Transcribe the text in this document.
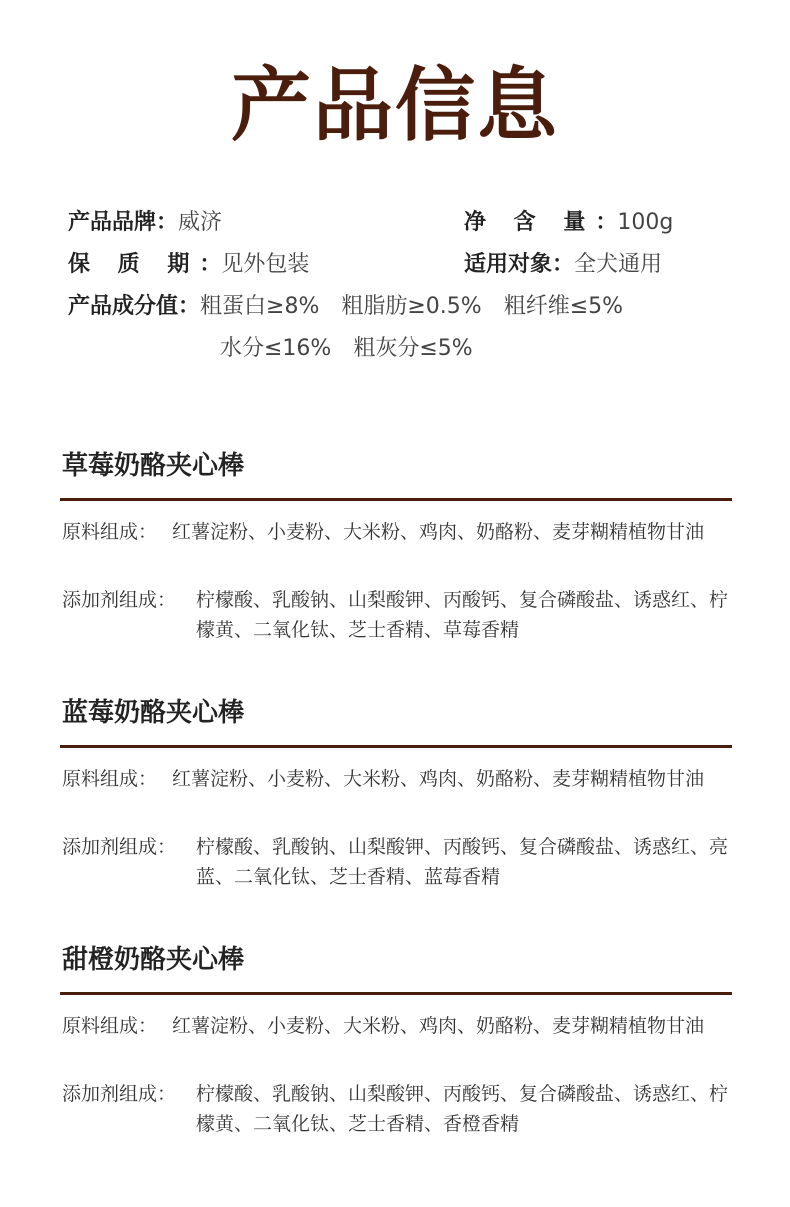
产品信息
产品品牌：威济	净 含 量：100g
保 质 期：见外包装	适用对象：全犬通用
产品成分值：粗蛋白≥8% 粗脂肪≥0.5% 粗纤维≤5%
水分≤16% 粗灰分≤5%
草莓奶酪夹心棒
原料组成： 红薯淀粉、小麦粉、大米粉、鸡肉、奶酪粉、麦芽糊精植物甘油
添加剂组成： 柠檬酸、乳酸钠、山梨酸钾、丙酸钙、复合磷酸盐、诱惑红、柠檬黄、二氧化钛、芝士香精、草莓香精
蓝莓奶酪夹心棒
原料组成： 红薯淀粉、小麦粉、大米粉、鸡肉、奶酪粉、麦芽糊精植物甘油
添加剂组成： 柠檬酸、乳酸钠、山梨酸钾、丙酸钙、复合磷酸盐、诱惑红、亮蓝、二氧化钛、芝士香精、蓝莓香精
甜橙奶酪夹心棒
原料组成： 红薯淀粉、小麦粉、大米粉、鸡肉、奶酪粉、麦芽糊精植物甘油
添加剂组成： 柠檬酸、乳酸钠、山梨酸钾、丙酸钙、复合磷酸盐、诱惑红、柠檬黄、二氧化钛、芝士香精、香橙香精
